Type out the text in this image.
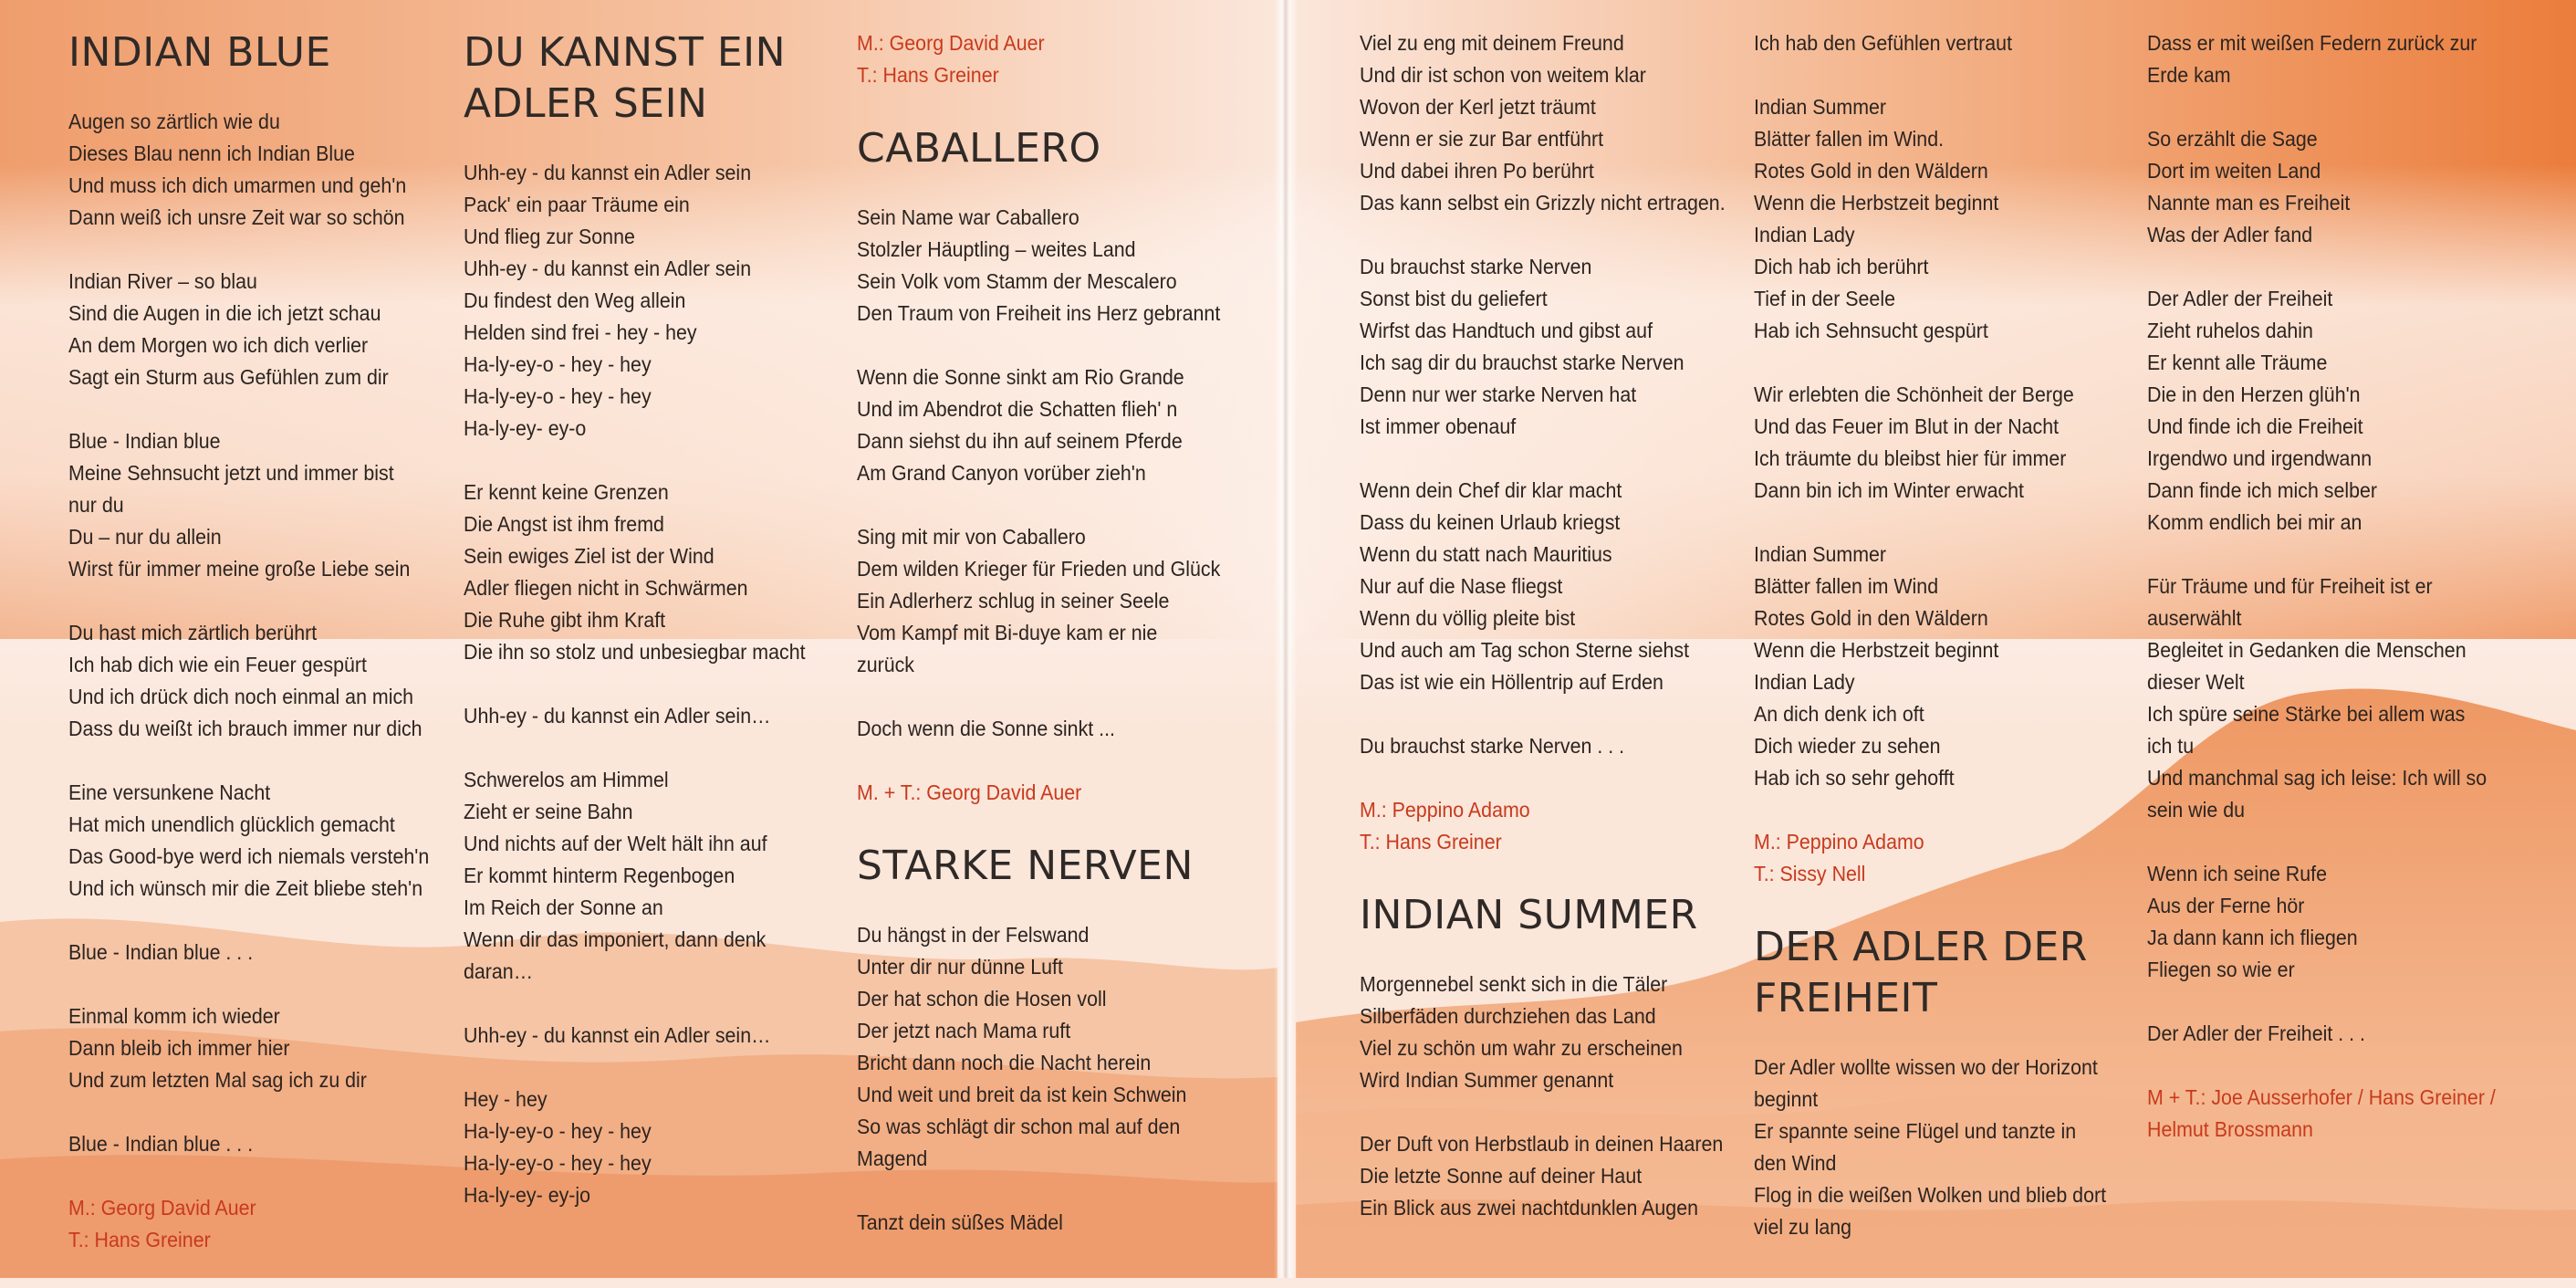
INDIAN BLUE
Augen so zärtlich wie du
Dieses Blau nenn ich Indian Blue
Und muss ich dich umarmen und geh'n
Dann weiß ich unsre Zeit war so schön
Indian River – so blau
Sind die Augen in die ich jetzt schau
An dem Morgen wo ich dich verlier
Sagt ein Sturm aus Gefühlen zum dir
Blue - Indian blue
Meine Sehnsucht jetzt und immer bist
nur du
Du – nur du allein
Wirst für immer meine große Liebe sein
Du hast mich zärtlich berührt
Ich hab dich wie ein Feuer gespürt
Und ich drück dich noch einmal an mich
Dass du weißt ich brauch immer nur dich
Eine versunkene Nacht
Hat mich unendlich glücklich gemacht
Das Good-bye werd ich niemals versteh'n
Und ich wünsch mir die Zeit bliebe steh'n
Blue - Indian blue . . .
Einmal komm ich wieder
Dann bleib ich immer hier
Und zum letzten Mal sag ich zu dir
Blue - Indian blue . . .
M.: Georg David Auer
T.: Hans Greiner
DU KANNST EIN
ADLER SEIN
Uhh-ey - du kannst ein Adler sein
Pack' ein paar Träume ein
Und flieg zur Sonne
Uhh-ey - du kannst ein Adler sein
Du findest den Weg allein
Helden sind frei - hey - hey
Ha-ly-ey-o - hey - hey
Ha-ly-ey-o - hey - hey
Ha-ly-ey- ey-o
Er kennt keine Grenzen
Die Angst ist ihm fremd
Sein ewiges Ziel ist der Wind
Adler fliegen nicht in Schwärmen
Die Ruhe gibt ihm Kraft
Die ihn so stolz und unbesiegbar macht
Uhh-ey - du kannst ein Adler sein…
Schwerelos am Himmel
Zieht er seine Bahn
Und nichts auf der Welt hält ihn auf
Er kommt hinterm Regenbogen
Im Reich der Sonne an
Wenn dir das imponiert, dann denk
daran…
Uhh-ey - du kannst ein Adler sein…
Hey - hey
Ha-ly-ey-o - hey - hey
Ha-ly-ey-o - hey - hey
Ha-ly-ey- ey-jo
M.: Georg David Auer
T.: Hans Greiner
CABALLERO
Sein Name war Caballero
Stolzler Häuptling – weites Land
Sein Volk vom Stamm der Mescalero
Den Traum von Freiheit ins Herz gebrannt
Wenn die Sonne sinkt am Rio Grande
Und im Abendrot die Schatten flieh' n
Dann siehst du ihn auf seinem Pferde
Am Grand Canyon vorüber zieh'n
Sing mit mir von Caballero
Dem wilden Krieger für Frieden und Glück
Ein Adlerherz schlug in seiner Seele
Vom Kampf mit Bi-duye kam er nie
zurück
Doch wenn die Sonne sinkt ...
M. + T.: Georg David Auer
STARKE NERVEN
Du hängst in der Felswand
Unter dir nur dünne Luft
Der hat schon die Hosen voll
Der jetzt nach Mama ruft
Bricht dann noch die Nacht herein
Und weit und breit da ist kein Schwein
So was schlägt dir schon mal auf den
Magend
Tanzt dein süßes Mädel
Viel zu eng mit deinem Freund
Und dir ist schon von weitem klar
Wovon der Kerl jetzt träumt
Wenn er sie zur Bar entführt
Und dabei ihren Po berührt
Das kann selbst ein Grizzly nicht ertragen.
Du brauchst starke Nerven
Sonst bist du geliefert
Wirfst das Handtuch und gibst auf
Ich sag dir du brauchst starke Nerven
Denn nur wer starke Nerven hat
Ist immer obenauf
Wenn dein Chef dir klar macht
Dass du keinen Urlaub kriegst
Wenn du statt nach Mauritius
Nur auf die Nase fliegst
Wenn du völlig pleite bist
Und auch am Tag schon Sterne siehst
Das ist wie ein Höllentrip auf Erden
Du brauchst starke Nerven . . .
M.: Peppino Adamo
T.: Hans Greiner
INDIAN SUMMER
Morgennebel senkt sich in die Täler
Silberfäden durchziehen das Land
Viel zu schön um wahr zu erscheinen
Wird Indian Summer genannt
Der Duft von Herbstlaub in deinen Haaren
Die letzte Sonne auf deiner Haut
Ein Blick aus zwei nachtdunklen Augen
Ich hab den Gefühlen vertraut
Indian Summer
Blätter fallen im Wind.
Rotes Gold in den Wäldern
Wenn die Herbstzeit beginnt
Indian Lady
Dich hab ich berührt
Tief in der Seele
Hab ich Sehnsucht gespürt
Wir erlebten die Schönheit der Berge
Und das Feuer im Blut in der Nacht
Ich träumte du bleibst hier für immer
Dann bin ich im Winter erwacht
Indian Summer
Blätter fallen im Wind
Rotes Gold in den Wäldern
Wenn die Herbstzeit beginnt
Indian Lady
An dich denk ich oft
Dich wieder zu sehen
Hab ich so sehr gehofft
M.: Peppino Adamo
T.: Sissy Nell
DER ADLER DER
FREIHEIT
Der Adler wollte wissen wo der Horizont
beginnt
Er spannte seine Flügel und tanzte in
den Wind
Flog in die weißen Wolken und blieb dort
viel zu lang
Dass er mit weißen Federn zurück zur
Erde kam
So erzählt die Sage
Dort im weiten Land
Nannte man es Freiheit
Was der Adler fand
Der Adler der Freiheit
Zieht ruhelos dahin
Er kennt alle Träume
Die in den Herzen glüh'n
Und finde ich die Freiheit
Irgendwo und irgendwann
Dann finde ich mich selber
Komm endlich bei mir an
Für Träume und für Freiheit ist er
auserwählt
Begleitet in Gedanken die Menschen
dieser Welt
Ich spüre seine Stärke bei allem was
ich tu
Und manchmal sag ich leise: Ich will so
sein wie du
Wenn ich seine Rufe
Aus der Ferne hör
Ja dann kann ich fliegen
Fliegen so wie er
Der Adler der Freiheit . . .
M + T.: Joe Ausserhofer / Hans Greiner /
Helmut Brossmann
